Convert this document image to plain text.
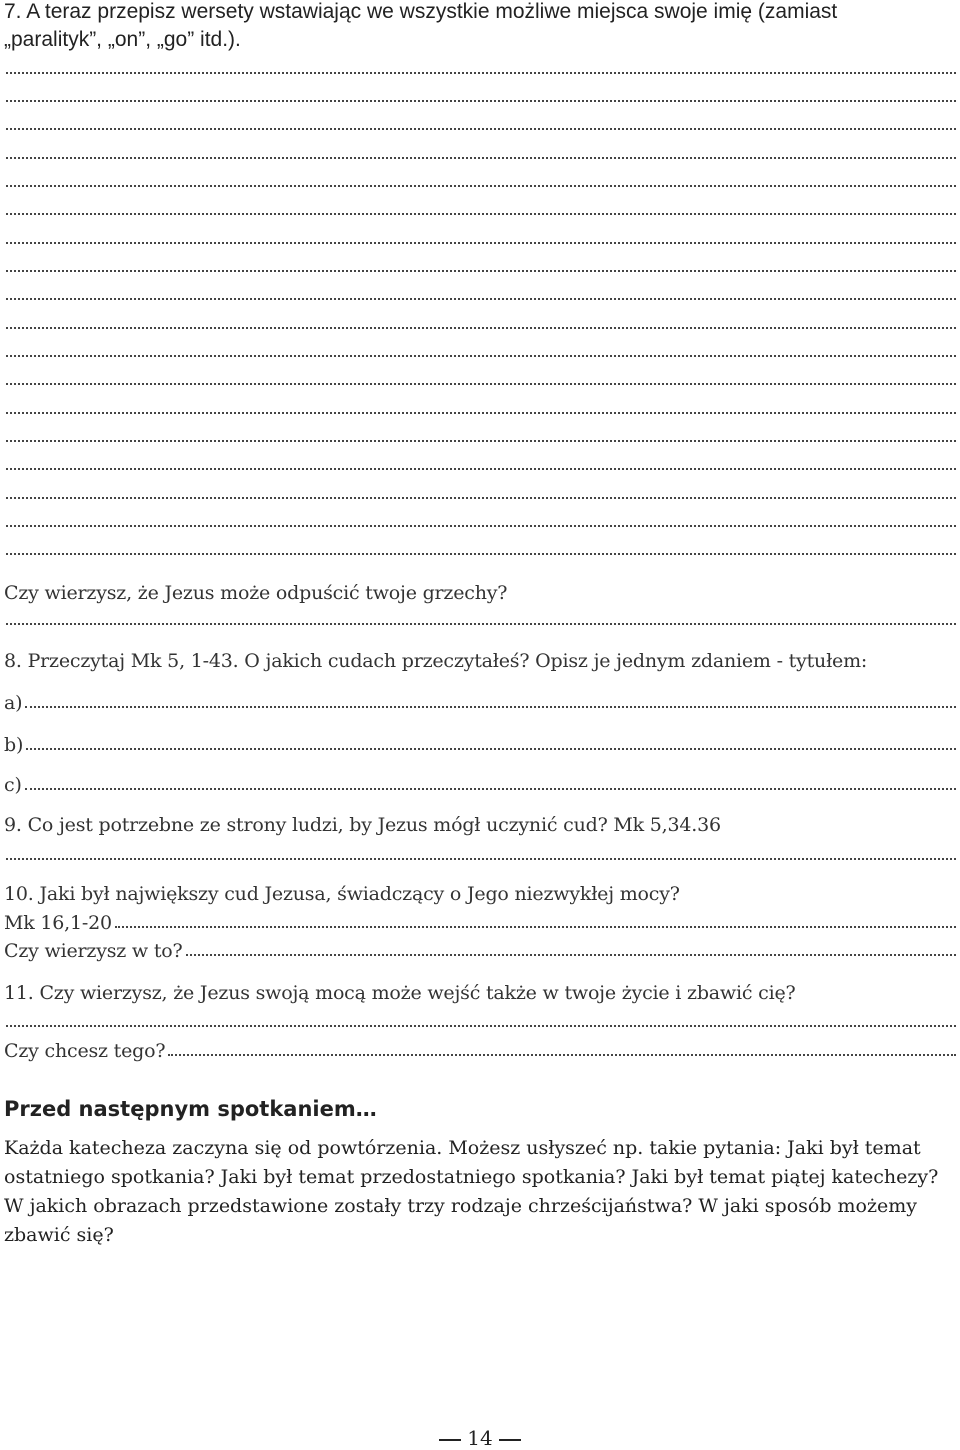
7. A teraz przepisz wersety wstawiając we wszystkie możliwe miejsca swoje imię (zamiast
„paralityk”, „on”, „go” itd.).
Czy wierzysz, że Jezus może odpuścić twoje grzechy?
8. Przeczytaj Mk 5, 1-43. O jakich cudach przeczytałeś? Opisz je jednym zdaniem - tytułem:
a)
b)
c)
9. Co jest potrzebne ze strony ludzi, by Jezus mógł uczynić cud? Mk 5,34.36
10. Jaki był największy cud Jezusa, świadczący o Jego niezwykłej mocy?
Mk 16,1-20
Czy wierzysz w to?
11. Czy wierzysz, że Jezus swoją mocą może wejść także w twoje życie i zbawić cię?
Czy chcesz tego?
Przed następnym spotkaniem…
Każda katecheza zaczyna się od powtórzenia. Możesz usłyszeć np. takie pytania: Jaki był temat ostatniego spotkania? Jaki był temat przedostatniego spotkania? Jaki był temat piątej katechezy? W jakich obrazach przedstawione zostały trzy rodzaje chrześcijaństwa? W jaki sposób możemy zbawić się?
14
